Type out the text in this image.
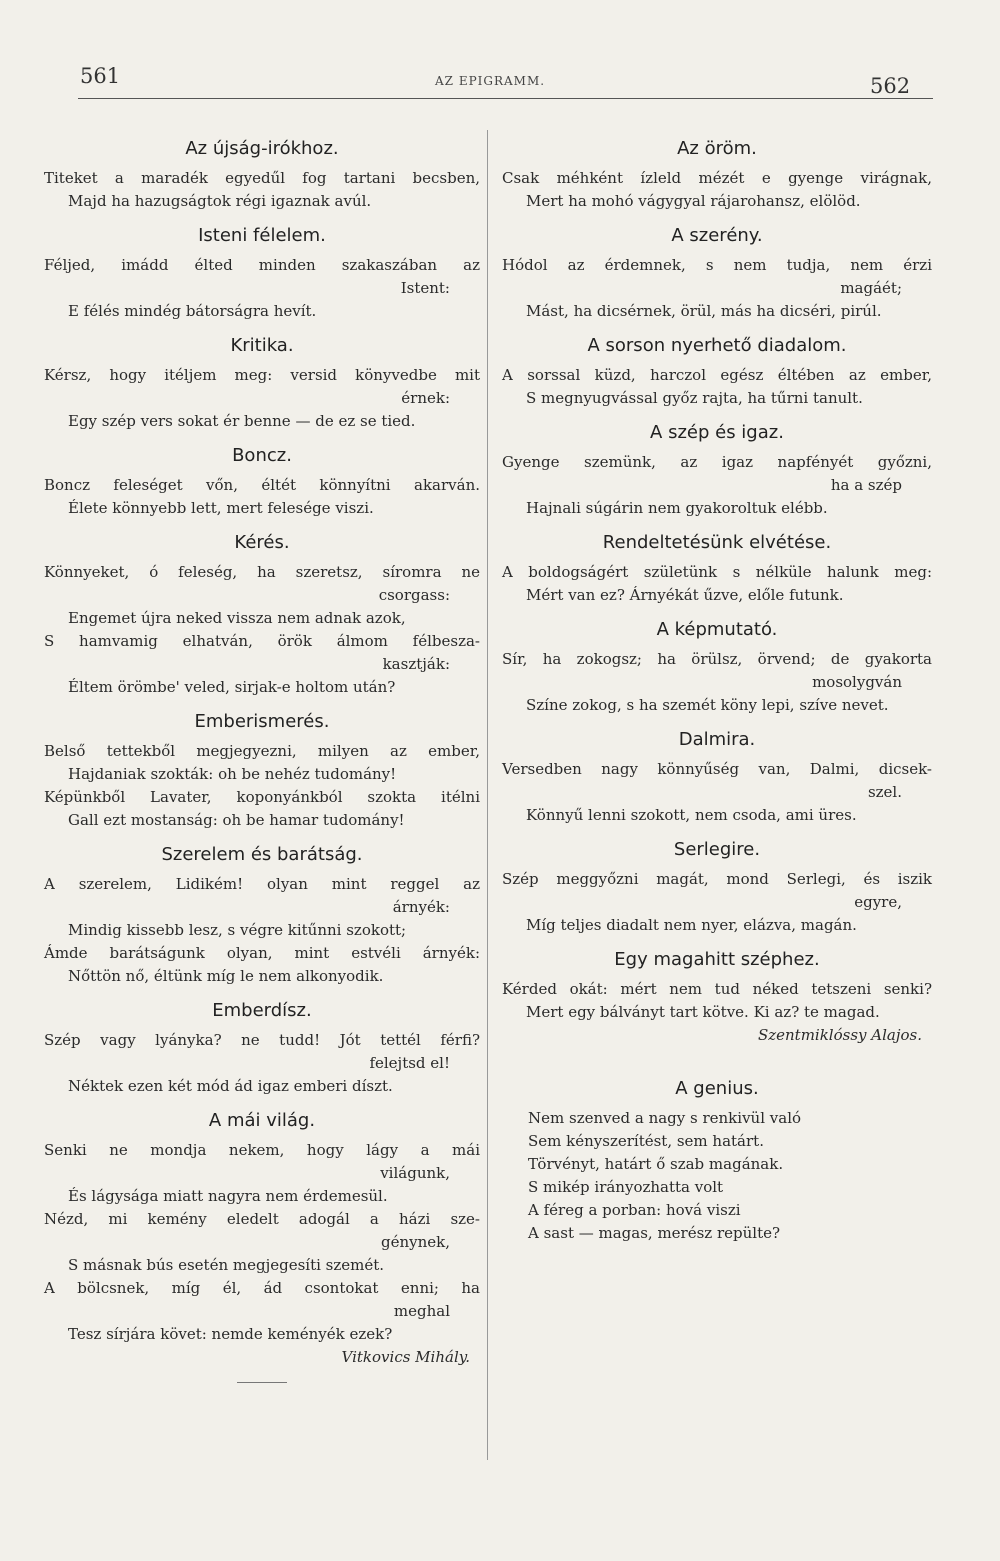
561	AZ EPIGRAMM.	562
Az újság-irókhoz.
Titeket a maradék egyedűl fog tartani becsben,
Majd ha hazugságtok régi igaznak avúl.
Isteni félelem.
Féljed, imádd élted minden szakaszában az
Istent:
E félés mindég bátorságra hevít.
Kritika.
Kérsz, hogy itéljem meg: versid könyvedbe mit
érnek:
Egy szép vers sokat ér benne — de ez se tied.
Boncz.
Boncz feleséget vőn, éltét könnyítni akarván.
Élete könnyebb lett, mert felesége viszi.
Kérés.
Könnyeket, ó feleség, ha szeretsz, síromra ne
csorgass:
Engemet újra neked vissza nem adnak azok,
S hamvamig elhatván, örök álmom félbesza-
kasztják:
Éltem örömbe' veled, sirjak-e holtom után?
Emberismerés.
Belső tettekből megjegyezni, milyen az ember,
Hajdaniak szokták: oh be nehéz tudomány!
Képünkből Lavater, koponyánkból szokta itélni
Gall ezt mostanság: oh be hamar tudomány!
Szerelem és barátság.
A szerelem, Lidikém! olyan mint reggel az
árnyék:
Mindig kissebb lesz, s végre kitűnni szokott;
Ámde barátságunk olyan, mint estvéli árnyék:
Nőttön nő, éltünk míg le nem alkonyodik.
Emberdísz.
Szép vagy lyányka? ne tudd! Jót tettél férfi?
felejtsd el!
Néktek ezen két mód ád igaz emberi díszt.
A mái világ.
Senki ne mondja nekem, hogy lágy a mái
világunk,
És lágysága miatt nagyra nem érdemesül.
Nézd, mi kemény eledelt adogál a házi sze-
génynek,
S másnak bús esetén megjegesíti szemét.
A bölcsnek, míg él, ád csontokat enni; ha
meghal
Tesz sírjára követ: nemde keményék ezek?
Vitkovics Mihály.
Az öröm.
Csak méhként ízleld mézét e gyenge virágnak,
Mert ha mohó vágygyal rájarohansz, elölöd.
A szerény.
Hódol az érdemnek, s nem tudja, nem érzi
magáét;
Mást, ha dicsérnek, örül, más ha dicséri, pirúl.
A sorson nyerhető diadalom.
A sorssal küzd, harczol egész éltében az ember,
S megnyugvással győz rajta, ha tűrni tanult.
A szép és igaz.
Gyenge szemünk, az igaz napfényét győzni,
ha a szép
Hajnali súgárin nem gyakoroltuk elébb.
Rendeltetésünk elvétése.
A boldogságért születünk s nélküle halunk meg:
Mért van ez? Árnyékát űzve, előle futunk.
A képmutató.
Sír, ha zokogsz; ha örülsz, örvend; de gyakorta
mosolygván
Színe zokog, s ha szemét köny lepi, szíve nevet.
Dalmira.
Versedben nagy könnyűség van, Dalmi, dicsek-
szel.
Könnyű lenni szokott, nem csoda, ami üres.
Serlegire.
Szép meggyőzni magát, mond Serlegi, és iszik
egyre,
Míg teljes diadalt nem nyer, elázva, magán.
Egy magahitt széphez.
Kérded okát: mért nem tud néked tetszeni senki?
Mert egy bálványt tart kötve. Ki az? te magad.
Szentmiklóssy Alajos.
A genius.
Nem szenved a nagy s renkivül való
Sem kényszerítést, sem határt.
Törvényt, határt ő szab magának.
S mikép irányozhatta volt
A féreg a porban: hová viszi
A sast — magas, merész repülte?
